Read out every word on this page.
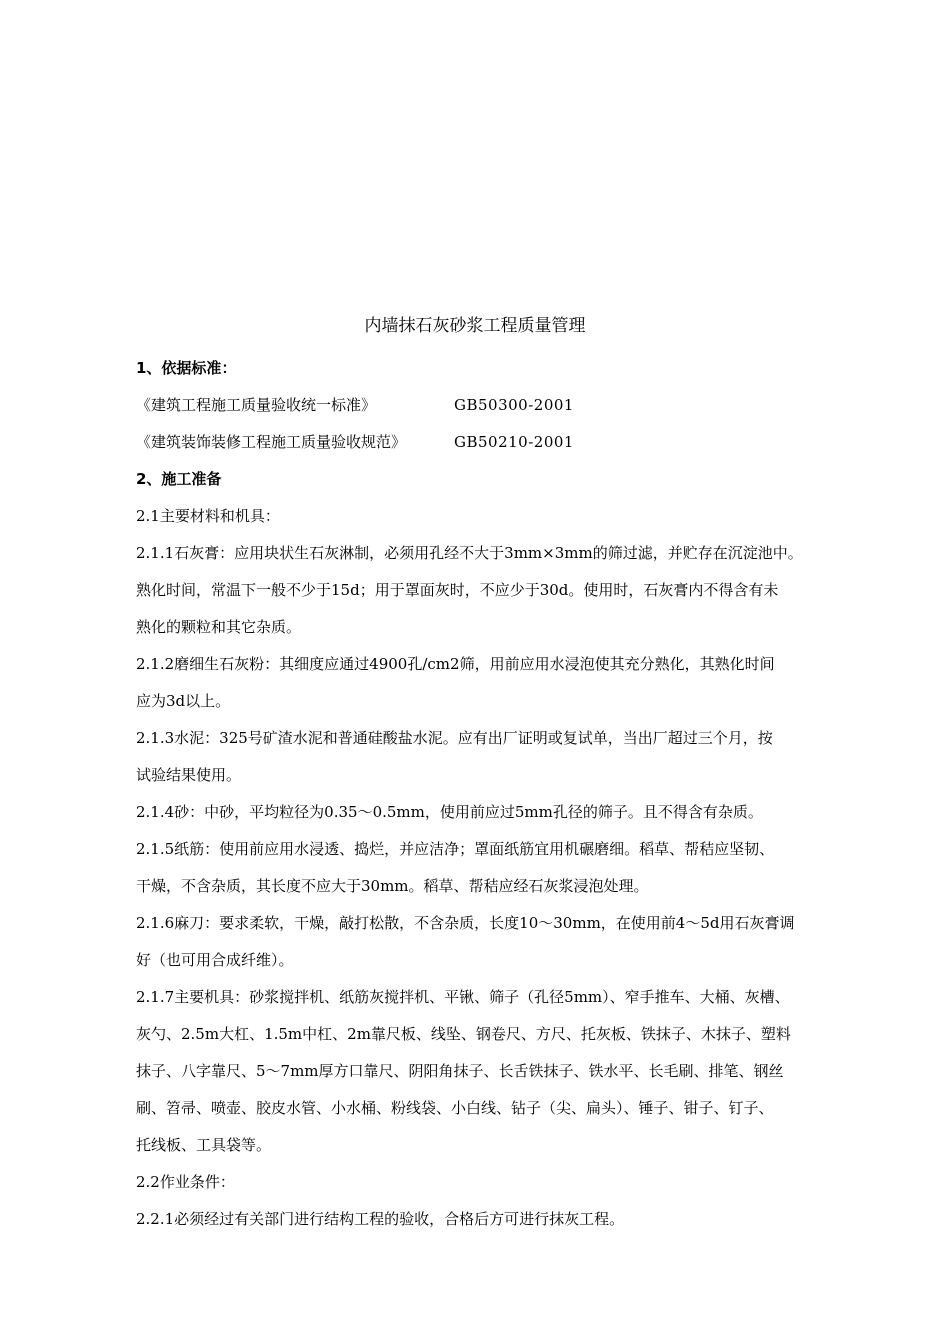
内墙抹石灰砂浆工程质量管理

1、依据标准：

《建筑工程施工质量验收统一标准》	GB50300-2001

《建筑装饰装修工程施工质量验收规范》	GB50210-2001

2、施工准备

2.1主要材料和机具：

2.1.1石灰膏：应用块状生石灰淋制，必须用孔经不大于3mm×3mm的筛过滤，并贮存在沉淀池中。

熟化时间，常温下一般不少于15d；用于罩面灰时，不应少于30d。使用时，石灰膏内不得含有未

熟化的颗粒和其它杂质。

2.1.2磨细生石灰粉：其细度应通过4900孔/cm2筛，用前应用水浸泡使其充分熟化，其熟化时间

应为3d以上。

2.1.3水泥：325号矿渣水泥和普通硅酸盐水泥。应有出厂证明或复试单，当出厂超过三个月，按

试验结果使用。

2.1.4砂：中砂，平均粒径为0.35～0.5mm，使用前应过5mm孔径的筛子。且不得含有杂质。

2.1.5纸筋：使用前应用水浸透、捣烂，并应洁净；罩面纸筋宜用机碾磨细。稻草、帮秸应坚韧、

干燥，不含杂质，其长度不应大于30mm。稻草、帮秸应经石灰浆浸泡处理。

2.1.6麻刀：要求柔软，干燥，敲打松散，不含杂质，长度10～30mm，在使用前4～5d用石灰膏调

好（也可用合成纤维）。

2.1.7主要机具：砂浆搅拌机、纸筋灰搅拌机、平锹、筛子（孔径5mm）、窄手推车、大桶、灰槽、

灰勺、2.5m大杠、1.5m中杠、2m靠尺板、线坠、钢卷尺、方尺、托灰板、铁抹子、木抹子、塑料

抹子、八字靠尺、5～7mm厚方口靠尺、阴阳角抹子、长舌铁抹子、铁水平、长毛刷、排笔、钢丝

刷、笤帚、喷壶、胶皮水管、小水桶、粉线袋、小白线、钻子（尖、扁头）、锤子、钳子、钉子、

托线板、工具袋等。

2.2作业条件：

2.2.1必须经过有关部门进行结构工程的验收，合格后方可进行抹灰工程。
